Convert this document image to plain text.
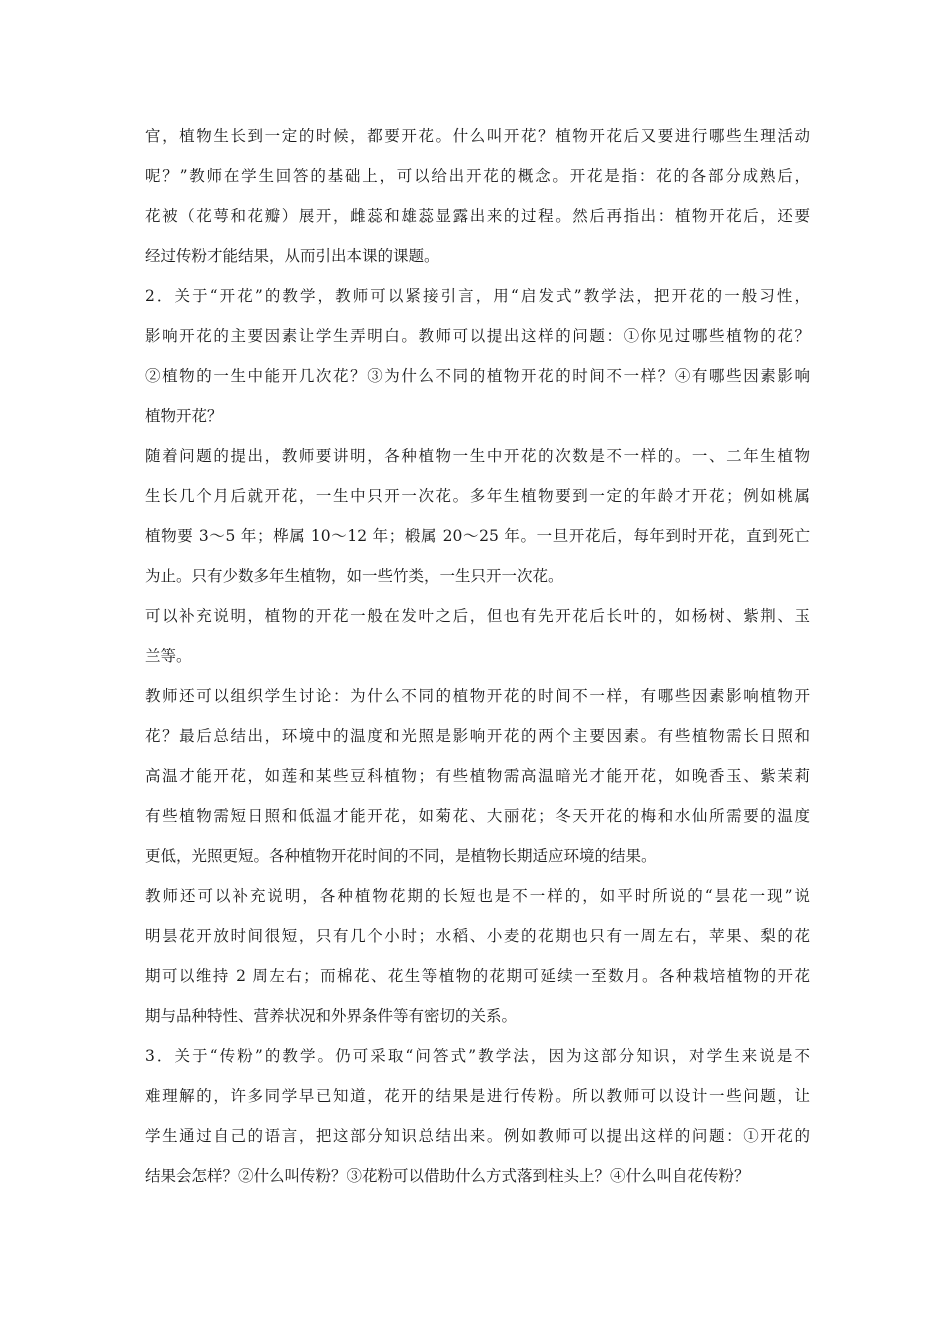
官，植物生长到一定的时候，都要开花。什么叫开花？植物开花后又要进行哪些生理活动
呢？”教师在学生回答的基础上，可以给出开花的概念。开花是指：花的各部分成熟后，
花被（花萼和花瓣）展开，雌蕊和雄蕊显露出来的过程。然后再指出：植物开花后，还要
经过传粉才能结果，从而引出本课的课题。
2．关于“开花”的教学，教师可以紧接引言，用“启发式”教学法，把开花的一般习性，
影响开花的主要因素让学生弄明白。教师可以提出这样的问题：①你见过哪些植物的花？
②植物的一生中能开几次花？③为什么不同的植物开花的时间不一样？④有哪些因素影响
植物开花？
随着问题的提出，教师要讲明，各种植物一生中开花的次数是不一样的。一、二年生植物
生长几个月后就开花，一生中只开一次花。多年生植物要到一定的年龄才开花；例如桃属
植物要 3～5 年；桦属 10～12 年；椴属 20～25 年。一旦开花后，每年到时开花，直到死亡
为止。只有少数多年生植物，如一些竹类，一生只开一次花。
可以补充说明，植物的开花一般在发叶之后，但也有先开花后长叶的，如杨树、紫荆、玉
兰等。
教师还可以组织学生讨论：为什么不同的植物开花的时间不一样，有哪些因素影响植物开
花？最后总结出，环境中的温度和光照是影响开花的两个主要因素。有些植物需长日照和
高温才能开花，如莲和某些豆科植物；有些植物需高温暗光才能开花，如晚香玉、紫茉莉
有些植物需短日照和低温才能开花，如菊花、大丽花；冬天开花的梅和水仙所需要的温度
更低，光照更短。各种植物开花时间的不同，是植物长期适应环境的结果。
教师还可以补充说明，各种植物花期的长短也是不一样的，如平时所说的“昙花一现”说
明昙花开放时间很短，只有几个小时；水稻、小麦的花期也只有一周左右，苹果、梨的花
期可以维持 2 周左右；而棉花、花生等植物的花期可延续一至数月。各种栽培植物的开花
期与品种特性、营养状况和外界条件等有密切的关系。
3．关于“传粉”的教学。仍可采取“问答式”教学法，因为这部分知识，对学生来说是不
难理解的，许多同学早已知道，花开的结果是进行传粉。所以教师可以设计一些问题，让
学生通过自己的语言，把这部分知识总结出来。例如教师可以提出这样的问题：①开花的
结果会怎样？②什么叫传粉？③花粉可以借助什么方式落到柱头上？④什么叫自花传粉？
